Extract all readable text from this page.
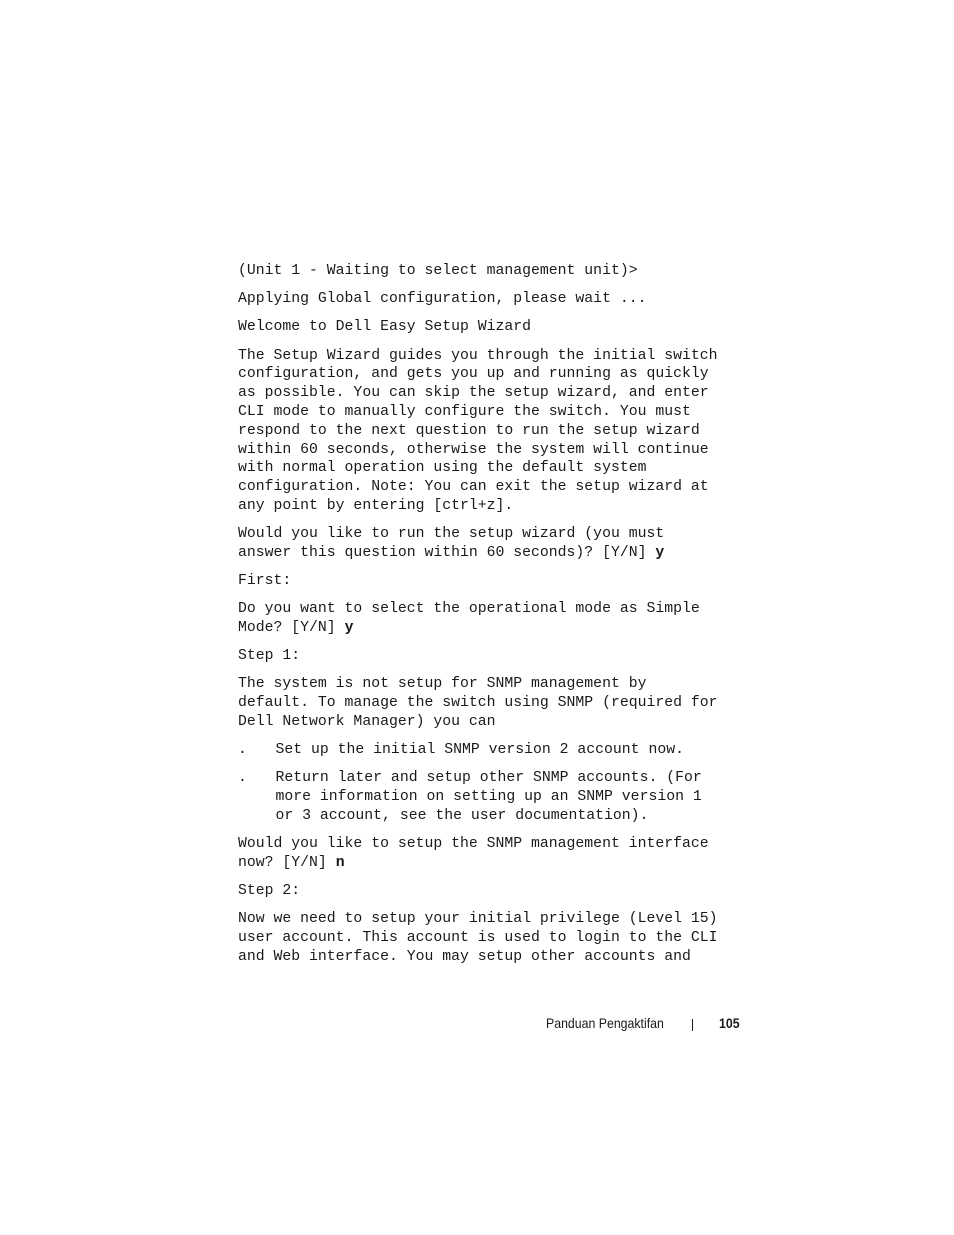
(Unit 1 - Waiting to select management unit)>

Applying Global configuration, please wait ...

Welcome to Dell Easy Setup Wizard

The Setup Wizard guides you through the initial switch
configuration, and gets you up and running as quickly
as possible. You can skip the setup wizard, and enter
CLI mode to manually configure the switch. You must
respond to the next question to run the setup wizard
within 60 seconds, otherwise the system will continue
with normal operation using the default system
configuration. Note: You can exit the setup wizard at
any point by entering [ctrl+z].

Would you like to run the setup wizard (you must
answer this question within 60 seconds)? [Y/N] y

First:

Do you want to select the operational mode as Simple
Mode? [Y/N] y

Step 1:

The system is not setup for SNMP management by
default. To manage the switch using SNMP (required for
Dell Network Manager) you can

. Set up the initial SNMP version 2 account now.
. Return later and setup other SNMP accounts. (For
more information on setting up an SNMP version 1
or 3 account, see the user documentation).

Would you like to setup the SNMP management interface
now? [Y/N] n

Step 2:

Now we need to setup your initial privilege (Level 15)
user account. This account is used to login to the CLI
and Web interface. You may setup other accounts and

Panduan Pengaktifan	105
